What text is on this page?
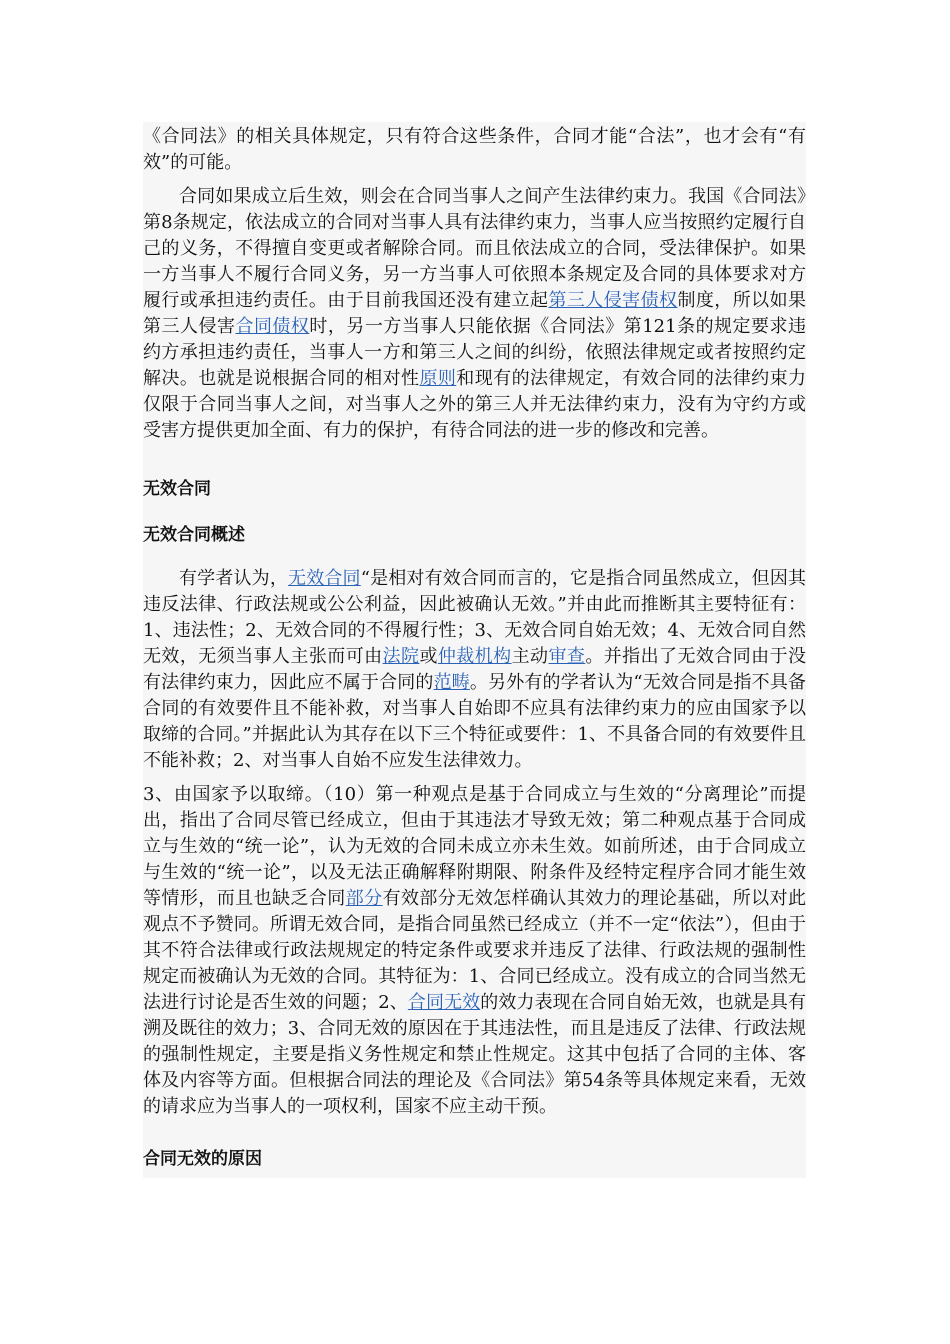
《合同法》的相关具体规定，只有符合这些条件，合同才能“合法”，也才会有“有效”的可能。

合同如果成立后生效，则会在合同当事人之间产生法律约束力。我国《合同法》第8条规定，依法成立的合同对当事人具有法律约束力，当事人应当按照约定履行自己的义务，不得擅自变更或者解除合同。而且依法成立的合同，受法律保护。如果一方当事人不履行合同义务，另一方当事人可依照本条规定及合同的具体要求对方履行或承担违约责任。由于目前我国还没有建立起第三人侵害债权制度，所以如果第三人侵害合同债权时，另一方当事人只能依据《合同法》第121条的规定要求违约方承担违约责任，当事人一方和第三人之间的纠纷，依照法律规定或者按照约定解决。也就是说根据合同的相对性原则和现有的法律规定，有效合同的法律约束力仅限于合同当事人之间，对当事人之外的第三人并无法律约束力，没有为守约方或受害方提供更加全面、有力的保护，有待合同法的进一步的修改和完善。

无效合同
无效合同概述

有学者认为，无效合同“是相对有效合同而言的，它是指合同虽然成立，但因其违反法律、行政法规或公公利益，因此被确认无效。”并由此而推断其主要特征有：1、违法性；2、无效合同的不得履行性；3、无效合同自始无效；4、无效合同自然无效，无须当事人主张而可由法院或仲裁机构主动审查。并指出了无效合同由于没有法律约束力，因此应不属于合同的范畴。另外有的学者认为“无效合同是指不具备合同的有效要件且不能补救，对当事人自始即不应具有法律约束力的应由国家予以取缔的合同。”并据此认为其存在以下三个特征或要件：1、不具备合同的有效要件且不能补救；2、对当事人自始不应发生法律效力。

3、由国家予以取缔。（10）第一种观点是基于合同成立与生效的“分离理论”而提出，指出了合同尽管已经成立，但由于其违法才导致无效；第二种观点基于合同成立与生效的“统一论”，认为无效的合同未成立亦未生效。如前所述，由于合同成立与生效的“统一论”，以及无法正确解释附期限、附条件及经特定程序合同才能生效等情形，而且也缺乏合同部分有效部分无效怎样确认其效力的理论基础，所以对此观点不予赞同。所谓无效合同，是指合同虽然已经成立（并不一定“依法”），但由于其不符合法律或行政法规规定的特定条件或要求并违反了法律、行政法规的强制性规定而被确认为无效的合同。其特征为：1、合同已经成立。没有成立的合同当然无法进行讨论是否生效的问题；2、合同无效的效力表现在合同自始无效，也就是具有溯及既往的效力；3、合同无效的原因在于其违法性，而且是违反了法律、行政法规的强制性规定，主要是指义务性规定和禁止性规定。这其中包括了合同的主体、客体及内容等方面。但根据合同法的理论及《合同法》第54条等具体规定来看，无效的请求应为当事人的一项权利，国家不应主动干预。

合同无效的原因
